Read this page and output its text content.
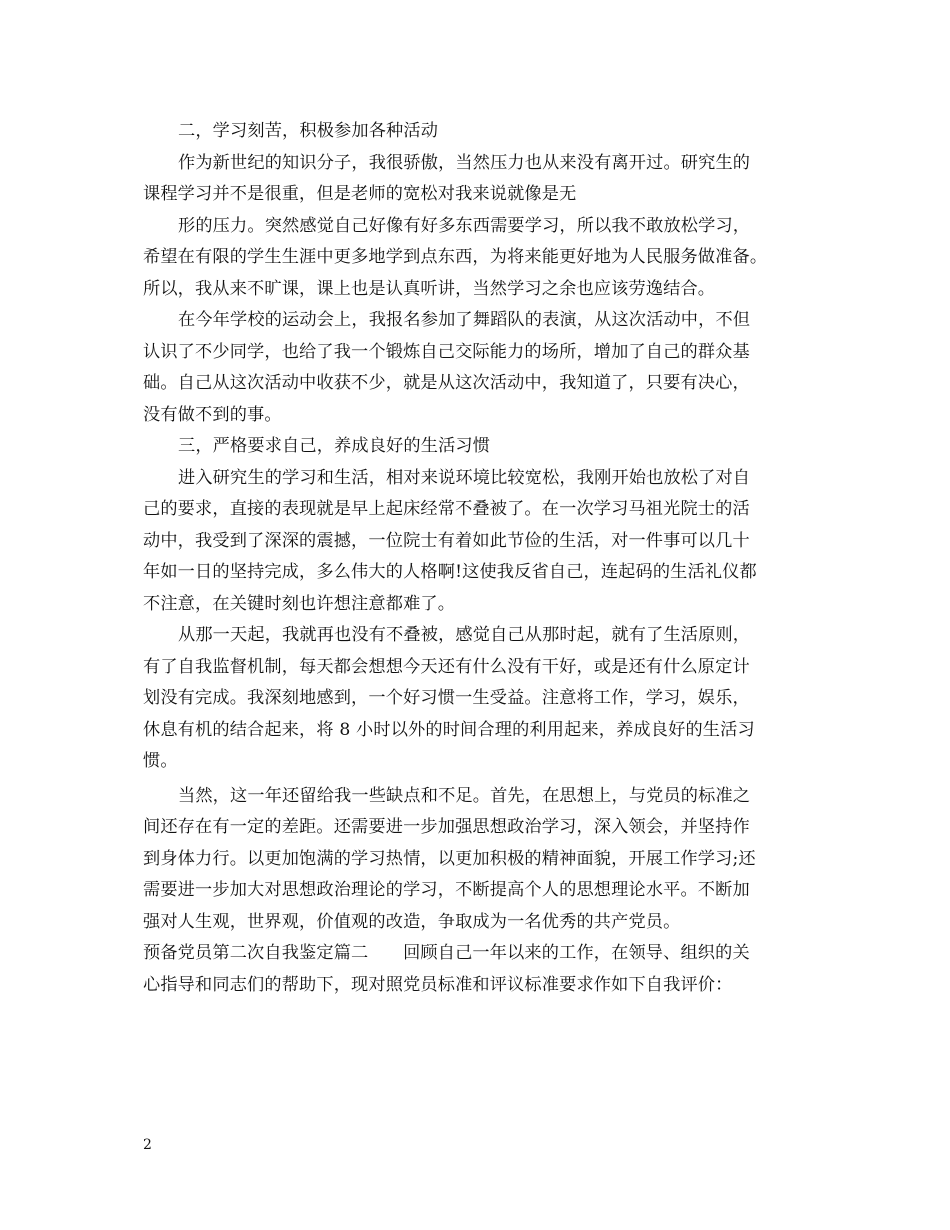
二，学习刻苦，积极参加各种活动
作为新世纪的知识分子，我很骄傲，当然压力也从来没有离开过。研究生的
课程学习并不是很重，但是老师的宽松对我来说就像是无
形的压力。突然感觉自己好像有好多东西需要学习，所以我不敢放松学习，
希望在有限的学生生涯中更多地学到点东西，为将来能更好地为人民服务做准备。
所以，我从来不旷课，课上也是认真听讲，当然学习之余也应该劳逸结合。
在今年学校的运动会上，我报名参加了舞蹈队的表演，从这次活动中，不但
认识了不少同学，也给了我一个锻炼自己交际能力的场所，增加了自己的群众基
础。自己从这次活动中收获不少，就是从这次活动中，我知道了，只要有决心，
没有做不到的事。
三，严格要求自己，养成良好的生活习惯
进入研究生的学习和生活，相对来说环境比较宽松，我刚开始也放松了对自
己的要求，直接的表现就是早上起床经常不叠被了。在一次学习马祖光院士的活
动中，我受到了深深的震撼，一位院士有着如此节俭的生活，对一件事可以几十
年如一日的坚持完成，多么伟大的人格啊!这使我反省自己，连起码的生活礼仪都
不注意，在关键时刻也许想注意都难了。
从那一天起，我就再也没有不叠被，感觉自己从那时起，就有了生活原则，
有了自我监督机制，每天都会想想今天还有什么没有干好，或是还有什么原定计
划没有完成。我深刻地感到，一个好习惯一生受益。注意将工作，学习，娱乐，
休息有机的结合起来，将 8 小时以外的时间合理的利用起来，养成良好的生活习
惯。
当然，这一年还留给我一些缺点和不足。首先，在思想上，与党员的标准之
间还存在有一定的差距。还需要进一步加强思想政治学习，深入领会，并坚持作
到身体力行。以更加饱满的学习热情，以更加积极的精神面貌，开展工作学习;还
需要进一步加大对思想政治理论的学习，不断提高个人的思想理论水平。不断加
强对人生观，世界观，价值观的改造，争取成为一名优秀的共产党员。
预备党员第二次自我鉴定篇二　　回顾自己一年以来的工作，在领导、组织的关
心指导和同志们的帮助下，现对照党员标准和评议标准要求作如下自我评价：
2
